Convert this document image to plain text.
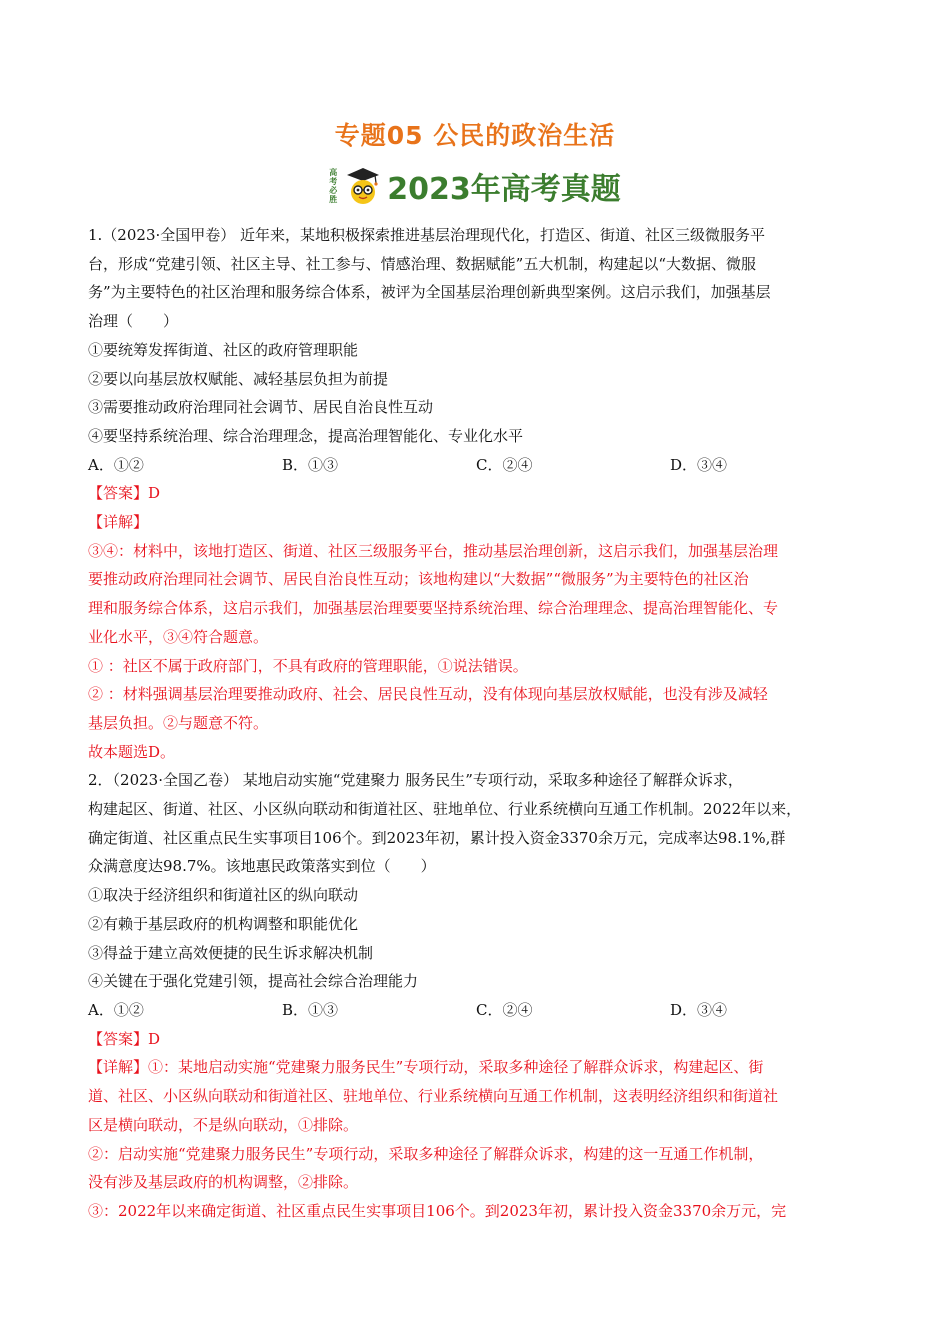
专题05 公民的政治生活
高
考
必
胜 2023年高考真题

1.（2023·全国甲卷） 近年来，某地积极探索推进基层治理现代化，打造区、街道、社区三级微服务平

台，形成“党建引领、社区主导、社工参与、情感治理、数据赋能”五大机制，构建起以“大数据、微服

务”为主要特色的社区治理和服务综合体系，被评为全国基层治理创新典型案例。这启示我们，加强基层

治理（　　）

①要统筹发挥街道、社区的政府管理职能

②要以向基层放权赋能、减轻基层负担为前提

③需要推动政府治理同社会调节、居民自治良性互动

④要坚持系统治理、综合治理理念，提高治理智能化、专业化水平

A．①②	B．①③	C．②④	D．③④

【答案】D

【详解】

③④：材料中，该地打造区、街道、社区三级服务平台，推动基层治理创新，这启示我们，加强基层治理

要推动政府治理同社会调节、居民自治良性互动；该地构建以“大数据”“微服务”为主要特色的社区治

理和服务综合体系，这启示我们，加强基层治理要要坚持系统治理、综合治理理念、提高治理智能化、专

业化水平，③④符合题意。

① ：社区不属于政府部门，不具有政府的管理职能，①说法错误。

② ：材料强调基层治理要推动政府、社会、居民良性互动，没有体现向基层放权赋能，也没有涉及减轻

基层负担。②与题意不符。

故本题选D。

2．（2023·全国乙卷） 某地启动实施“党建聚力 服务民生”专项行动，采取多种途径了解群众诉求，

构建起区、街道、社区、小区纵向联动和街道社区、驻地单位、行业系统横向互通工作机制。2022年以来，

确定街道、社区重点民生实事项目106个。到2023年初，累计投入资金3370余万元，完成率达98.1%,群

众满意度达98.7%。该地惠民政策落实到位（　　）

①取决于经济组织和街道社区的纵向联动

②有赖于基层政府的机构调整和职能优化

③得益于建立高效便捷的民生诉求解决机制

④关键在于强化党建引领，提高社会综合治理能力

A．①②	B．①③	C．②④	D．③④

【答案】D

【详解】①：某地启动实施“党建聚力服务民生”专项行动，采取多种途径了解群众诉求，构建起区、街

道、社区、小区纵向联动和街道社区、驻地单位、行业系统横向互通工作机制，这表明经济组织和街道社

区是横向联动，不是纵向联动，①排除。

②：启动实施“党建聚力服务民生”专项行动，采取多种途径了解群众诉求，构建的这一互通工作机制，

没有涉及基层政府的机构调整，②排除。

③：2022年以来确定街道、社区重点民生实事项目106个。到2023年初，累计投入资金3370余万元，完
